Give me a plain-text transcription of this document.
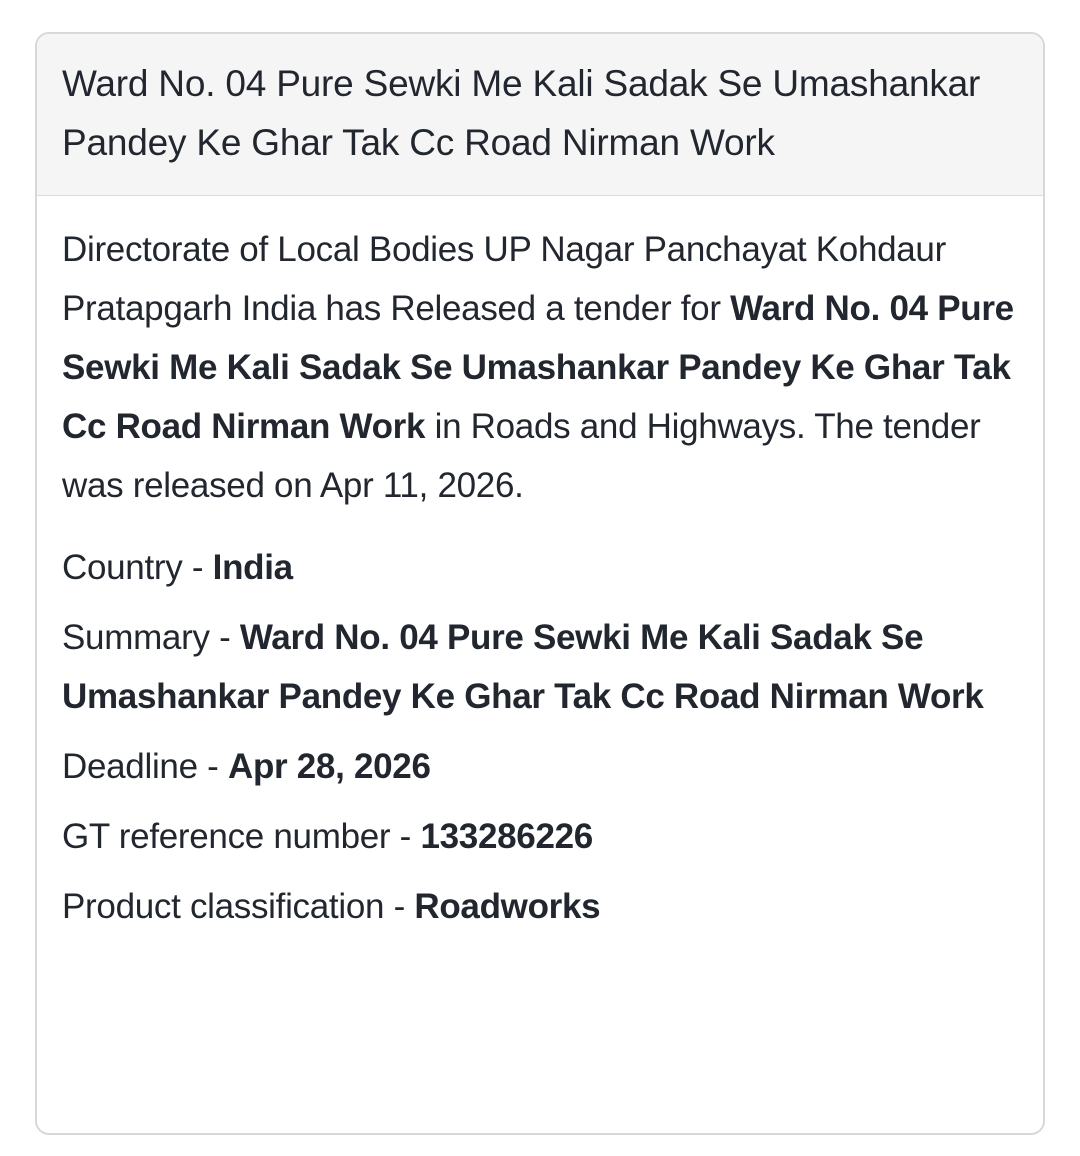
Ward No. 04 Pure Sewki Me Kali Sadak Se Umashankar Pandey Ke Ghar Tak Cc Road Nirman Work

Directorate of Local Bodies UP Nagar Panchayat Kohdaur Pratapgarh India has Released a tender for Ward No. 04 Pure Sewki Me Kali Sadak Se Umashankar Pandey Ke Ghar Tak Cc Road Nirman Work in Roads and Highways. The tender was released on Apr 11, 2026.

Country - India

Summary - Ward No. 04 Pure Sewki Me Kali Sadak Se Umashankar Pandey Ke Ghar Tak Cc Road Nirman Work

Deadline - Apr 28, 2026

GT reference number - 133286226

Product classification - Roadworks
